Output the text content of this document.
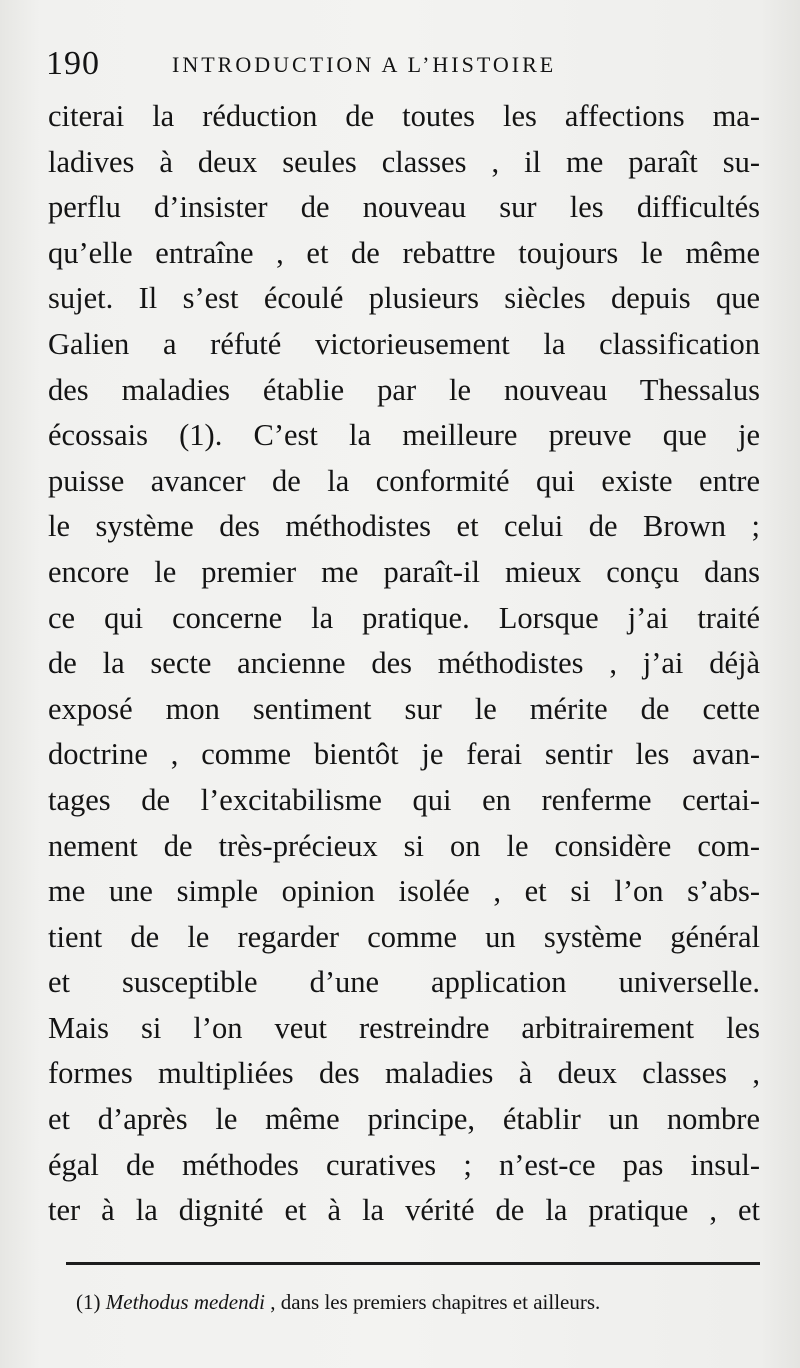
190	INTRODUCTION A L’HISTOIRE
citerai la réduction de toutes les affections ma-
ladives à deux seules classes , il me paraît su-
perflu d’insister de nouveau sur les difficultés
qu’elle entraîne , et de rebattre toujours le même
sujet. Il s’est écoulé plusieurs siècles depuis que
Galien a réfuté victorieusement la classification
des maladies établie par le nouveau Thessalus
écossais (1). C’est la meilleure preuve que je
puisse avancer de la conformité qui existe entre
le système des méthodistes et celui de Brown ;
encore le premier me paraît-il mieux conçu dans
ce qui concerne la pratique. Lorsque j’ai traité
de la secte ancienne des méthodistes , j’ai déjà
exposé mon sentiment sur le mérite de cette
doctrine , comme bientôt je ferai sentir les avan-
tages de l’excitabilisme qui en renferme certai-
nement de très-précieux si on le considère com-
me une simple opinion isolée , et si l’on s’abs-
tient de le regarder comme un système général
et susceptible d’une application universelle.
Mais si l’on veut restreindre arbitrairement les
formes multipliées des maladies à deux classes ,
et d’après le même principe, établir un nombre
égal de méthodes curatives ; n’est-ce pas insul-
ter à la dignité et à la vérité de la pratique , et
(1) Methodus medendi , dans les premiers chapitres et ailleurs.
